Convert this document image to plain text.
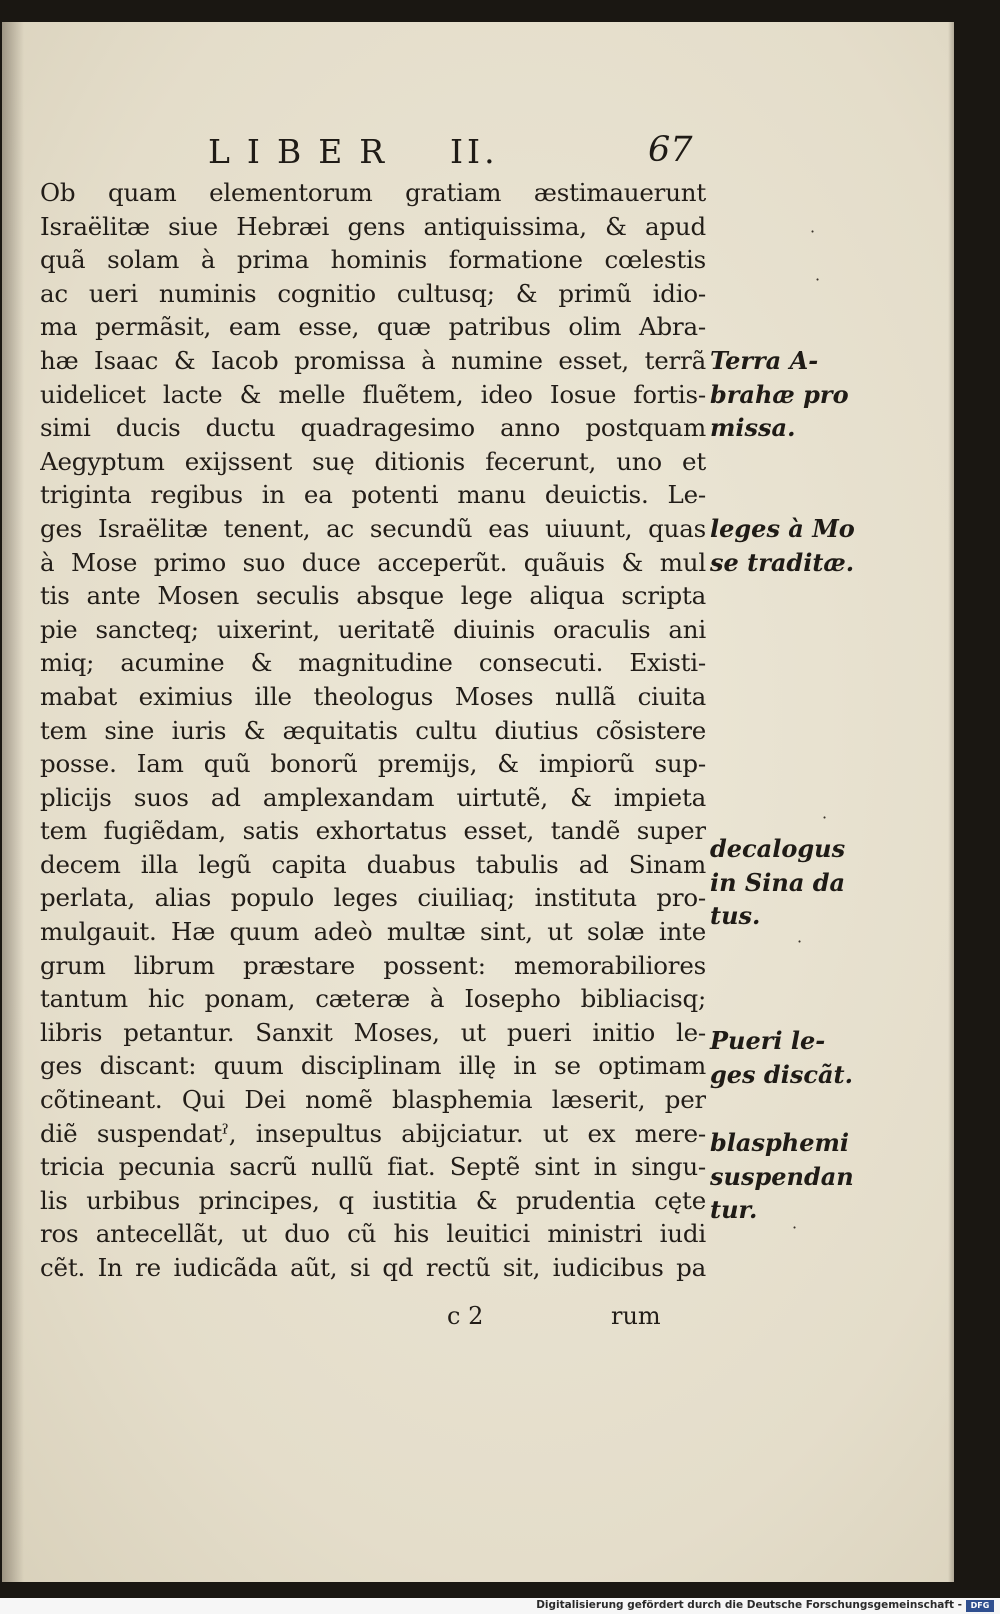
LIBER II.	67
Ob quam elementorum gratiam æstimauerunt
Israëlitæ siue Hebræi gens antiquissima, & apud
quã solam à prima hominis formatione cœlestis
ac ueri numinis cognitio cultusq; & primũ idio-
ma permãsit, eam esse, quæ patribus olim Abra-
hæ Isaac & Iacob promissa à numine esset, terrã
uidelicet lacte & melle fluẽtem, ideo Iosue fortis-
simi ducis ductu quadragesimo anno postquam
Aegyptum exijssent suę ditionis fecerunt, uno et
triginta regibus in ea potenti manu deuictis. Le-
ges Israëlitæ tenent, ac secundũ eas uiuunt, quas
à Mose primo suo duce acceperũt. quãuis & mul
tis ante Mosen seculis absque lege aliqua scripta
pie sancteq; uixerint, ueritatẽ diuinis oraculis ani
miq; acumine & magnitudine consecuti. Existi-
mabat eximius ille theologus Moses nullã ciuita
tem sine iuris & æquitatis cultu diutius cõsistere
posse. Iam quũ bonorũ premijs, & impiorũ sup-
plicijs suos ad amplexandam uirtutẽ, & impieta
tem fugiẽdam, satis exhortatus esset, tandẽ super
decem illa legũ capita duabus tabulis ad Sinam
perlata, alias populo leges ciuiliaq; instituta pro-
mulgauit. Hæ quum adeò multæ sint, ut solæ inte
grum librum præstare possent: memorabiliores
tantum hic ponam, cæteræ à Iosepho bibliacisq;
libris petantur. Sanxit Moses, ut pueri initio le-
ges discant: quum disciplinam illę in se optimam
cõtineant. Qui Dei nomẽ blasphemia læserit, per
diẽ suspendatˀ, insepultus abijciatur. ut ex mere-
tricia pecunia sacrũ nullũ fiat. Septẽ sint in singu-
lis urbibus principes, q iustitia & prudentia cęte
ros antecellãt, ut duo cũ his leuitici ministri iudi
cẽt. In re iudicãda aũt, si qd rectũ sit, iudicibus pa
Terra A-
brahæ pro
missa.
leges à Mo
se traditæ.
decalogus
in Sina da
tus.
Pueri le-
ges discãt.
blasphemi
suspendan
tur.
c 2	rum
·
·
·
·
·
Digitalisierung gefördert durch die Deutsche Forschungsgemeinschaft -	DFG
